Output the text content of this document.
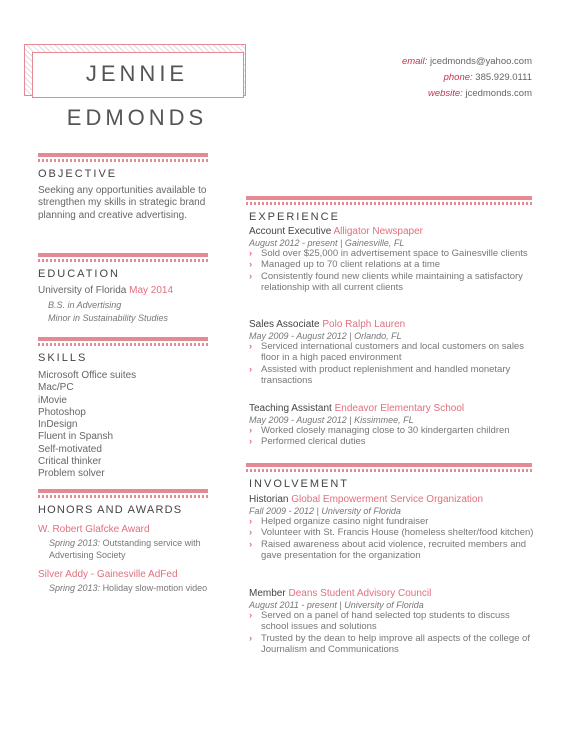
JENNIE EDMONDS
email: jcedmonds@yahoo.com
phone: 385.929.0111
website: jcedmonds.com
OBJECTIVE
Seeking any opportunities available to strengthen my skills in strategic brand planning and creative advertising.
EDUCATION
University of Florida May 2014
B.S. in Advertising
Minor in Sustainability Studies
SKILLS
Microsoft Office suites
Mac/PC
iMovie
Photoshop
InDesign
Fluent in Spansh
Self-motivated
Critical thinker
Problem solver
HONORS AND AWARDS
W. Robert Glafcke Award
Spring 2013: Outstanding service with Advertising Society
Silver Addy - Gainesville AdFed
Spring 2013: Holiday slow-motion video
EXPERIENCE
Account Executive Alligator Newspaper
August 2012 - present | Gainesville, FL
› Sold over $25,000 in advertisement space to Gainesville clients
› Managed up to 70 client relations at a time
› Consistently found new clients while maintaining a satisfactory relationship with all current clients
Sales Associate Polo Ralph Lauren
May 2009 - August 2012 | Orlando, FL
› Serviced international customers and local customers on sales floor in a high paced environment
› Assisted with product replenishment and handled monetary transactions
Teaching Assistant Endeavor Elementary School
May 2009 - August 2012 | Kissimmee, FL
› Worked closely managing close to 30 kindergarten children
› Performed clerical duties
INVOLVEMENT
Historian Global Empowerment Service Organization
Fall 2009 - 2012 | University of Florida
› Helped organize casino night fundraiser
› Volunteer with St. Francis House (homeless shelter/food kitchen)
› Raised awareness about acid violence, recruited members and gave presentation for the organization
Member Deans Student Advisory Council
August 2011 - present | University of Florida
› Served on a panel of hand selected top students to discuss school issues and solutions
› Trusted by the dean to help improve all aspects of the college of Journalism and Communications
